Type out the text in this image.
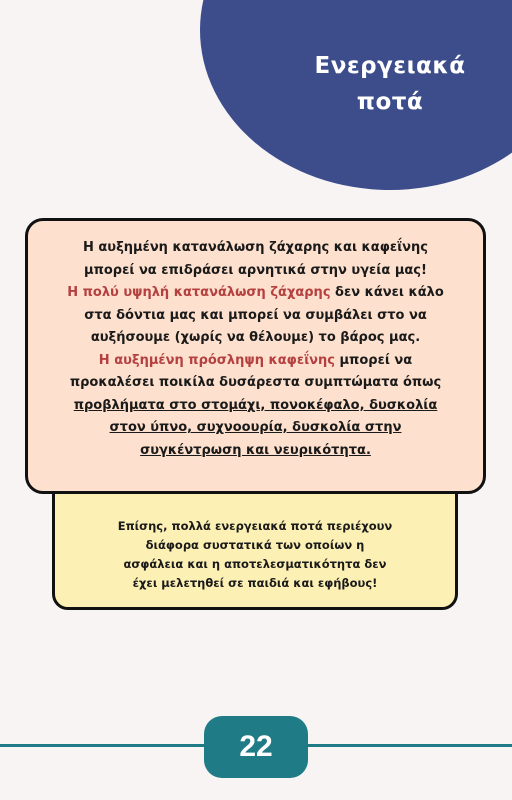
Ενεργειακά
ποτά
Επίσης, πολλά ενεργειακά ποτά περιέχουν
διάφορα συστατικά των οποίων η
ασφάλεια και η αποτελεσματικότητα δεν
έχει μελετηθεί σε παιδιά και εφήβους!
Η αυξημένη κατανάλωση ζάχαρης και καφεΐνης
μπορεί να επιδράσει αρνητικά στην υγεία μας!
Η πολύ υψηλή κατανάλωση ζάχαρης δεν κάνει κάλο
στα δόντια μας και μπορεί να συμβάλει στο να
αυξήσουμε (χωρίς να θέλουμε) το βάρος μας.
Η αυξημένη πρόσληψη καφεΐνης μπορεί να
προκαλέσει ποικίλα δυσάρεστα συμπτώματα όπως
προβλήματα στο στομάχι, πονοκέφαλο, δυσκολία
στον ύπνο, συχνοουρία, δυσκολία στην
συγκέντρωση και νευρικότητα.
22
